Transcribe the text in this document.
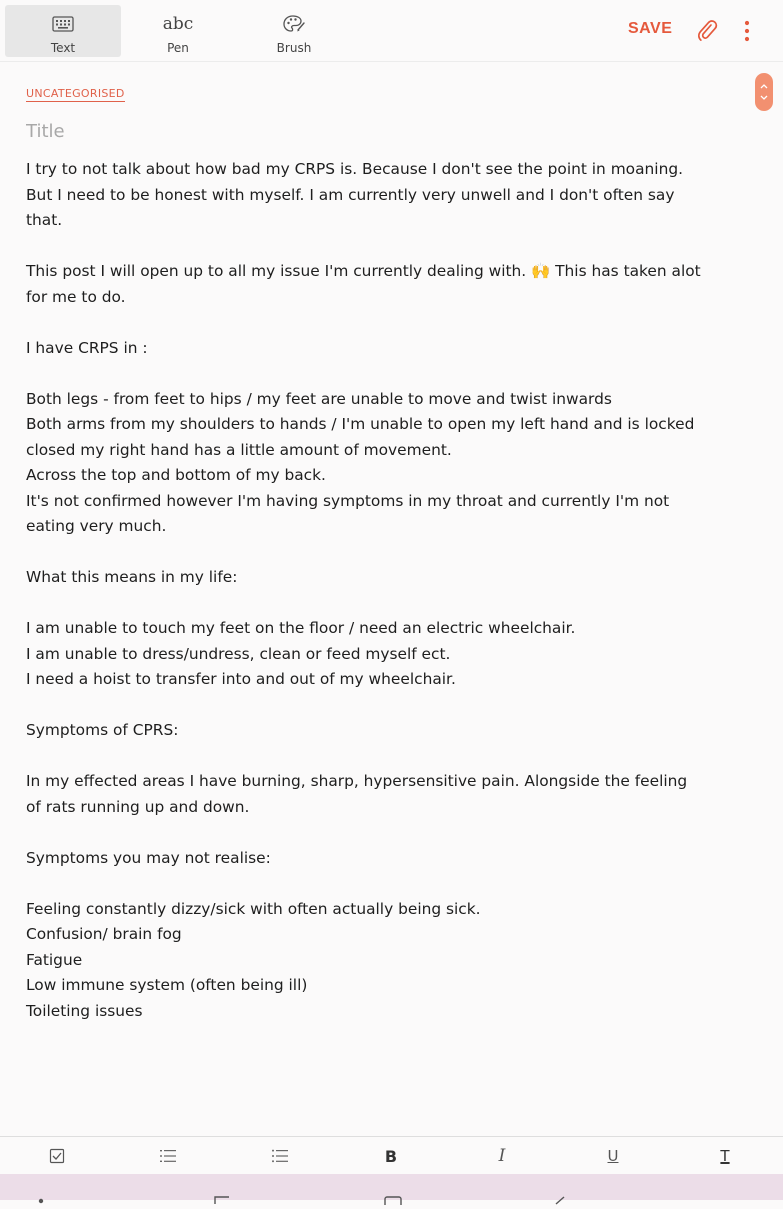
Text
abc
Pen	Brush
SAVE
UNCATEGORISED
Title
I try to not talk about how bad my CRPS is. Because I don't see the point in moaning.
But I need to be honest with myself. I am currently very unwell and I don't often say
that.
This post I will open up to all my issue I'm currently dealing with. 🙌 This has taken alot
for me to do.
I have CRPS in :
Both legs - from feet to hips / my feet are unable to move and twist inwards
Both arms from my shoulders to hands / I'm unable to open my left hand and is locked
closed my right hand has a little amount of movement.
Across the top and bottom of my back.
It's not confirmed however I'm having symptoms in my throat and currently I'm not
eating very much.
What this means in my life:
I am unable to touch my feet on the floor / need an electric wheelchair.
I am unable to dress/undress, clean or feed myself ect.
I need a hoist to transfer into and out of my wheelchair.
Symptoms of CPRS:
In my effected areas I have burning, sharp, hypersensitive pain. Alongside the feeling
of rats running up and down.
Symptoms you may not realise:
Feeling constantly dizzy/sick with often actually being sick.
Confusion/ brain fog
Fatigue
Low immune system (often being ill)
Toileting issues
B	I	U	T
